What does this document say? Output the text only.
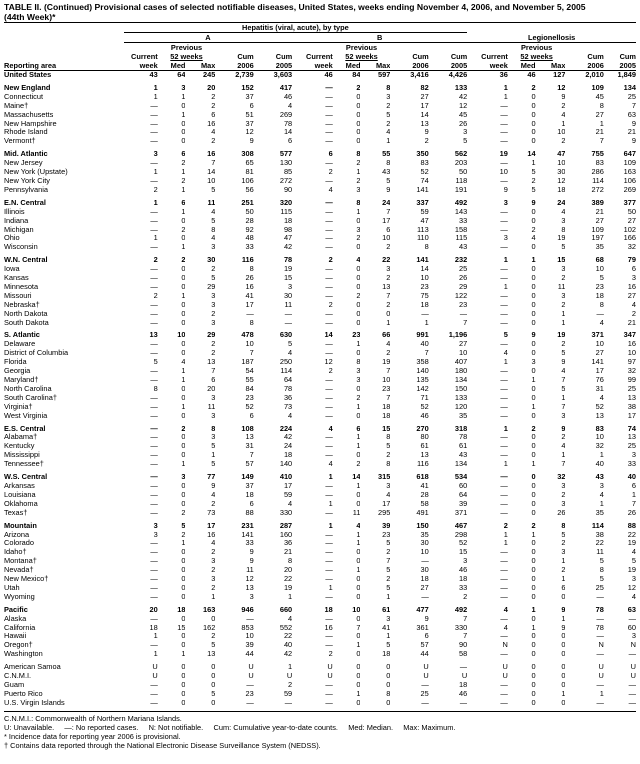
TABLE II. (Continued) Provisional cases of selected notifiable diseases, United States, weeks ending November 4, 2006, and November 5, 2005
(44th Week)*
	Hepatitis (viral, acute), by type														
	A					B					Legionellosis				
		Previous					Previous					Previous			
	Current	52 weeks		Cum	Cum	Current	52 weeks		Cum	Cum	Current	52 weeks		Cum	Cum
Reporting area	week	Med	Max	2006	2005	week	Med	Max	2006	2005	week	Med	Max	2006	2005
United States	43	64	245	2,739	3,603	46	84	597	3,416	4,426	36	46	127	2,010	1,849
New England	1	3	20	152	417	—	2	8	82	133	1	2	12	109	134
Connecticut	1	1	2	37	46	—	0	3	27	42	1	0	9	45	25
Maine†	—	0	2	6	4	—	0	2	17	12	—	0	2	8	7
Massachusetts	—	1	6	51	269	—	0	5	14	45	—	0	4	27	63
New Hampshire	—	0	16	37	78	—	0	2	13	26	—	0	1	1	9
Rhode Island	—	0	4	12	14	—	0	4	9	3	—	0	10	21	21
Vermont†	—	0	2	9	6	—	0	1	2	5	—	0	2	7	9
Mid. Atlantic	3	6	16	308	577	6	8	55	350	562	19	14	47	755	647
New Jersey	—	2	7	65	130	—	2	8	83	203	—	1	10	83	109
New York (Upstate)	1	1	14	81	85	2	1	43	52	50	10	5	30	286	163
New York City	—	2	10	106	272	—	2	5	74	118	—	2	12	114	106
Pennsylvania	2	1	5	56	90	4	3	9	141	191	9	5	18	272	269
E.N. Central	1	6	11	251	320	—	8	24	337	492	3	9	24	389	377
Illinois	—	1	4	50	115	—	1	7	59	143	—	0	4	21	50
Indiana	—	0	5	28	18	—	0	17	47	33	—	0	3	27	27
Michigan	—	2	8	92	98	—	3	6	113	158	—	2	8	109	102
Ohio	1	0	4	48	47	—	2	10	110	115	3	4	19	197	166
Wisconsin	—	1	3	33	42	—	0	2	8	43	—	0	5	35	32
W.N. Central	2	2	30	116	78	2	4	22	141	232	1	1	15	68	79
Iowa	—	0	2	8	19	—	0	3	14	25	—	0	3	10	6
Kansas	—	0	5	26	15	—	0	2	10	26	—	0	2	5	3
Minnesota	—	0	29	16	3	—	0	13	23	29	1	0	11	23	16
Missouri	2	1	3	41	30	—	2	7	75	122	—	0	3	18	27
Nebraska†	—	0	3	17	11	2	0	2	18	23	—	0	2	8	4
North Dakota	—	0	2	—	—	—	0	0	—	—	—	0	1	—	2
South Dakota	—	0	3	8	—	—	0	1	1	7	—	0	1	4	21
S. Atlantic	13	10	29	478	630	14	23	66	991	1,196	5	9	19	371	347
Delaware	—	0	2	10	5	—	1	4	40	27	—	0	2	10	16
District of Columbia	—	0	2	7	4	—	0	2	7	10	4	0	5	27	10
Florida	5	4	13	187	250	12	8	19	358	407	1	3	9	141	97
Georgia	—	1	7	54	114	2	3	7	140	180	—	0	4	17	32
Maryland†	—	1	6	55	64	—	3	10	135	134	—	1	7	76	99
North Carolina	8	0	20	84	78	—	0	23	142	150	—	0	5	31	25
South Carolina†	—	0	3	23	36	—	2	7	71	133	—	0	1	4	13
Virginia†	—	1	11	52	73	—	1	18	52	120	—	1	7	52	38
West Virginia	—	0	3	6	4	—	0	18	46	35	—	0	3	13	17
E.S. Central	—	2	8	108	224	4	6	15	270	318	1	2	9	83	74
Alabama†	—	0	3	13	42	—	1	8	80	78	—	0	2	10	13
Kentucky	—	0	5	31	24	—	1	5	61	61	—	0	4	32	25
Mississippi	—	0	1	7	18	—	0	2	13	43	—	0	1	1	3
Tennessee†	—	1	5	57	140	4	2	8	116	134	1	1	7	40	33
W.S. Central	—	3	77	149	410	1	14	315	618	534	—	0	32	43	40
Arkansas	—	0	9	37	17	—	1	3	41	60	—	0	3	3	6
Louisiana	—	0	4	18	59	—	0	4	28	64	—	0	2	4	1
Oklahoma	—	0	2	6	4	1	0	17	58	39	—	0	3	1	7
Texas†	—	2	73	88	330	—	11	295	491	371	—	0	26	35	26
Mountain	3	5	17	231	287	1	4	39	150	467	2	2	8	114	88
Arizona	3	2	16	141	160	—	1	23	35	298	1	1	5	38	22
Colorado	—	1	4	33	36	—	1	5	30	52	1	0	2	22	19
Idaho†	—	0	2	9	21	—	0	2	10	15	—	0	3	11	4
Montana†	—	0	3	9	8	—	0	7	—	3	—	0	1	5	5
Nevada†	—	0	2	11	20	—	1	5	30	46	—	0	2	8	19
New Mexico†	—	0	3	12	22	—	0	2	18	18	—	0	1	5	3
Utah	—	0	2	13	19	1	0	5	27	33	—	0	6	25	12
Wyoming	—	0	1	3	1	—	0	1	—	2	—	0	0	—	4
Pacific	20	18	163	946	660	18	10	61	477	492	4	1	9	78	63
Alaska	—	0	0	—	4	—	0	3	9	7	—	0	1	—	—
California	18	15	162	853	552	16	7	41	361	330	4	1	9	78	60
Hawaii	1	0	2	10	22	—	0	1	6	7	—	0	0	—	3
Oregon†	—	0	5	39	40	—	1	5	57	90	N	0	0	N	N
Washington	1	1	13	44	42	2	0	18	44	58	—	0	0	—	—
American Samoa	U	0	0	U	1	U	0	0	U	—	U	0	0	U	U
C.N.M.I.	U	0	0	U	U	U	0	0	U	U	U	0	0	U	U
Guam	—	0	0	—	2	—	0	0	—	18	—	0	0	—	—
Puerto Rico	—	0	5	23	59	—	1	8	25	46	—	0	1	1	—
U.S. Virgin Islands	—	0	0	—	—	—	0	0	—	—	—	0	0	—	—
C.N.M.I.: Commonwealth of Northern Mariana Islands.
U: Unavailable.     —: No reported cases.     N: Not notifiable.     Cum: Cumulative year-to-date counts.     Med: Median.     Max: Maximum.
* Incidence data for reporting year 2006 is provisional.
† Contains data reported through the National Electronic Disease Surveillance System (NEDSS).
